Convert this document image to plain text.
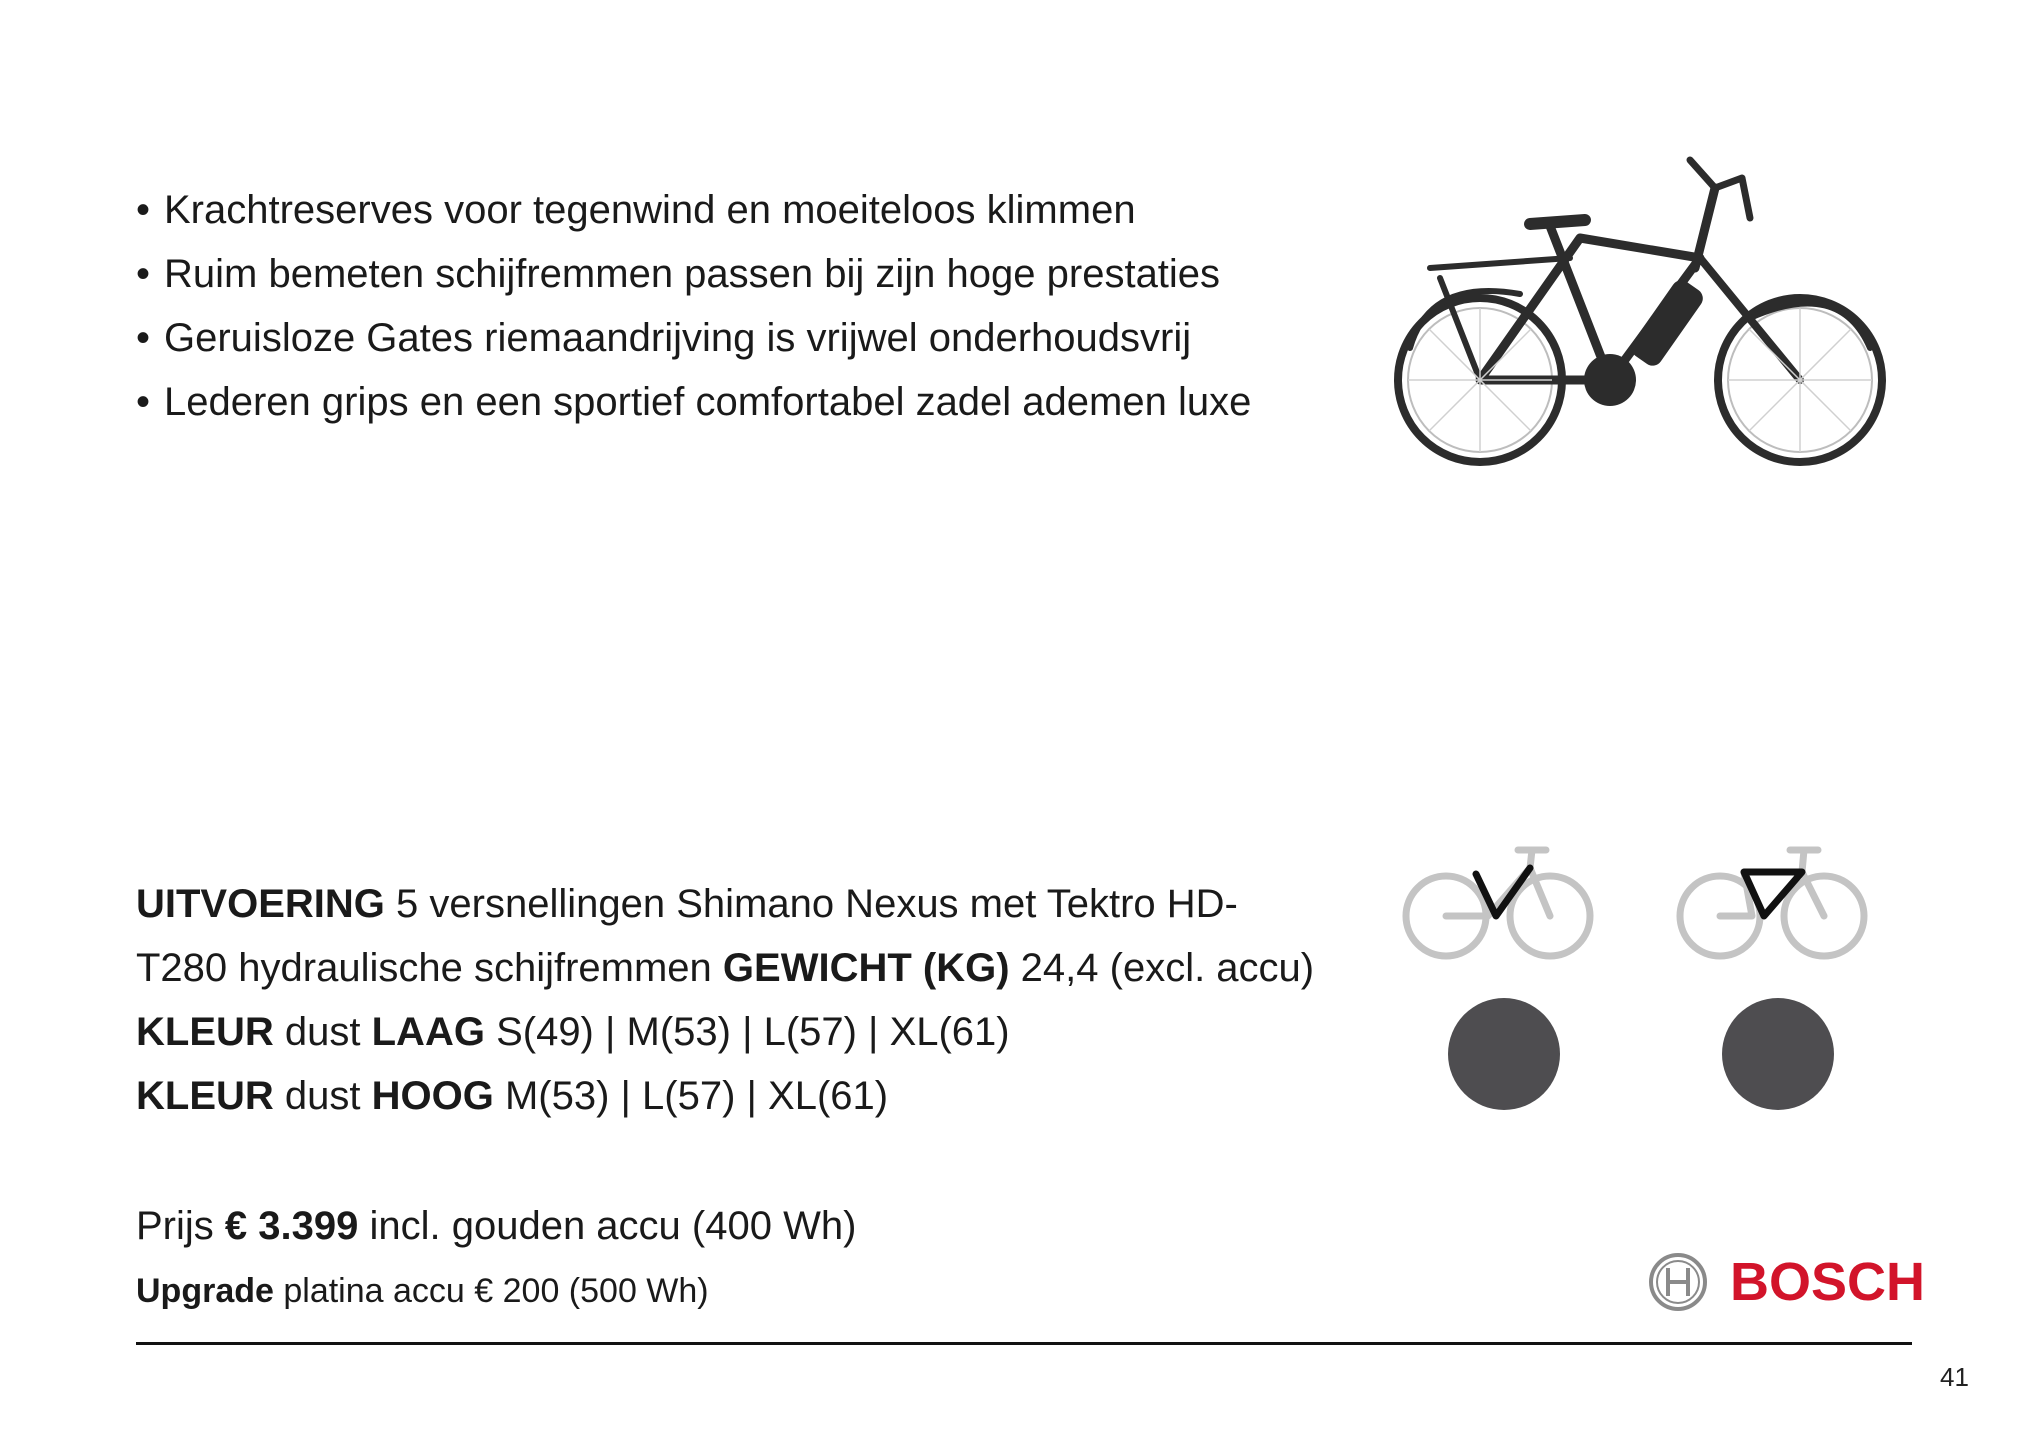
• Krachtreserves voor tegenwind en moeiteloos klimmen
• Ruim bemeten schijfremmen passen bij zijn hoge prestaties
• Geruisloze Gates riemaandrijving is vrijwel onderhoudsvrij
• Lederen grips en een sportief comfortabel zadel ademen luxe
UITVOERING 5 versnellingen Shimano Nexus met Tektro HD-T280 hydraulische schijfremmen GEWICHT (KG) 24,4 (excl. accu) KLEUR dust LAAG S(49) | M(53) | L(57) | XL(61)
KLEUR dust HOOG M(53) | L(57) | XL(61)
Prijs € 3.399 incl. gouden accu (400 Wh)
Upgrade platina accu € 200 (500 Wh)	BOSCH
41
